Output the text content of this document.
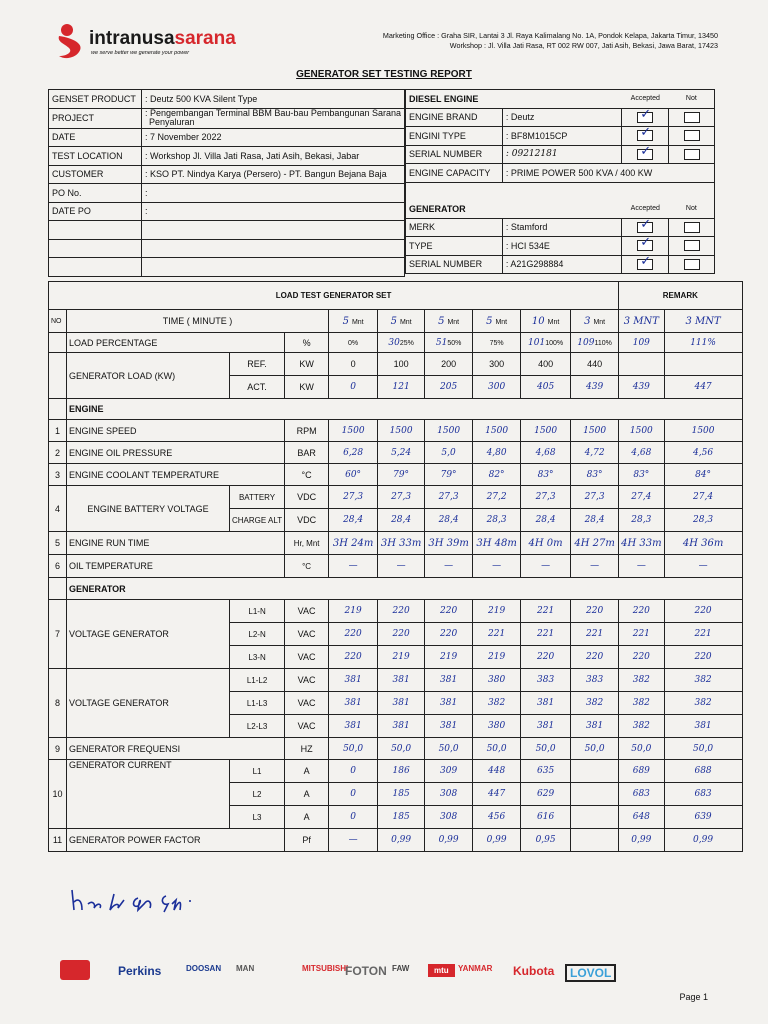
intranusasarana
we serve better we generate your power
Marketing Office : Graha SIR, Lantai 3 Jl. Raya Kalimalang No. 1A, Pondok Kelapa, Jakarta Timur, 13450
Workshop : Jl. Villa Jati Rasa, RT 002 RW 007, Jati Asih, Bekasi, Jawa Barat, 17423
GENERATOR SET TESTING REPORT
GENSET PRODUCT	: Deutz 500 KVA Silent Type
PROJECT	: Pengembangan Terminal BBM Bau-bau Pembangunan Sarana
Penyaluran

DATE	: 7 November 2022
TEST LOCATION	: Workshop Jl. Villa Jati Rasa, Jati Asih, Bekasi, Jabar
CUSTOMER	: KSO PT. Nindya Karya (Persero) - PT. Bangun Bejana Baja
PO No.	:
DATE PO	:

DIESEL ENGINE		Accepted	Not
ENGINE BRAND	: Deutz	✓	
ENGINI TYPE	: BF8M1015CP	✓	
SERIAL NUMBER	: 09212181	✓	
ENGINE CAPACITY	: PRIME POWER 500 KVA / 400 KW		

GENERATOR		Accepted	Not
MERK	: Stamford	✓	
TYPE	: HCI 534E	✓	
SERIAL NUMBER	: A21G298884	✓	
LOAD TEST GENERATOR SET										REMARK	
NO	TIME ( MINUTE )			5 Mnt	5 Mnt	5 Mnt	5 Mnt	10 Mnt	3 Mnt	3 MNT	3 MNT
	LOAD PERCENTAGE		%	0%	3025%	5150%	75%	101100%	109110%	109	111%
	GENERATOR LOAD (KW)	REF.	KW	0	100	200	300	400	440		
		ACT.	KW	0	121	205	300	405	439	439	447
	ENGINE										
1	ENGINE SPEED		RPM	1500	1500	1500	1500	1500	1500	1500	1500
2	ENGINE OIL PRESSURE		BAR	6,28	5,24	5,0	4,80	4,68	4,72	4,68	4,56
3	ENGINE COOLANT TEMPERATURE		°C	60°	79°	79°	82°	83°	83°	83°	84°
4	ENGINE BATTERY VOLTAGE	BATTERY	VDC	27,3	27,3	27,3	27,2	27,3	27,3	27,4	27,4
		CHARGE ALT	VDC	28,4	28,4	28,4	28,3	28,4	28,4	28,3	28,3
5	ENGINE RUN TIME		Hr, Mnt	3H 24m	3H 33m	3H 39m	3H 48m	4H 0m	4H 27m	4H 33m	4H 36m
6	OIL TEMPERATURE		°C	—	—	—	—	—	—	—	—
	GENERATOR										
7	VOLTAGE GENERATOR	L1-N	VAC	219	220	220	219	221	220	220	220
		L2-N	VAC	220	220	220	221	221	221	221	221
		L3-N	VAC	220	219	219	219	220	220	220	220
8	VOLTAGE GENERATOR	L1-L2	VAC	381	381	381	380	383	383	382	382
		L1-L3	VAC	381	381	381	382	381	382	382	382
		L2-L3	VAC	381	381	381	380	381	381	382	381
9	GENERATOR FREQUENSI		HZ	50,0	50,0	50,0	50,0	50,0	50,0	50,0	50,0
10	GENERATOR CURRENT	L1	A	0	186	309	448	635		689	688
		L2	A	0	185	308	447	629		683	683
		L3	A	0	185	308	456	616		648	639
11	GENERATOR POWER FACTOR		Pf	—	0,99	0,99	0,99	0,95		0,99	0,99
Perkins	DOOSAN MAN	MITSUBISHI
FOTON FAW	mtu	YANMAR Kubota	LOVOL
Page 1
